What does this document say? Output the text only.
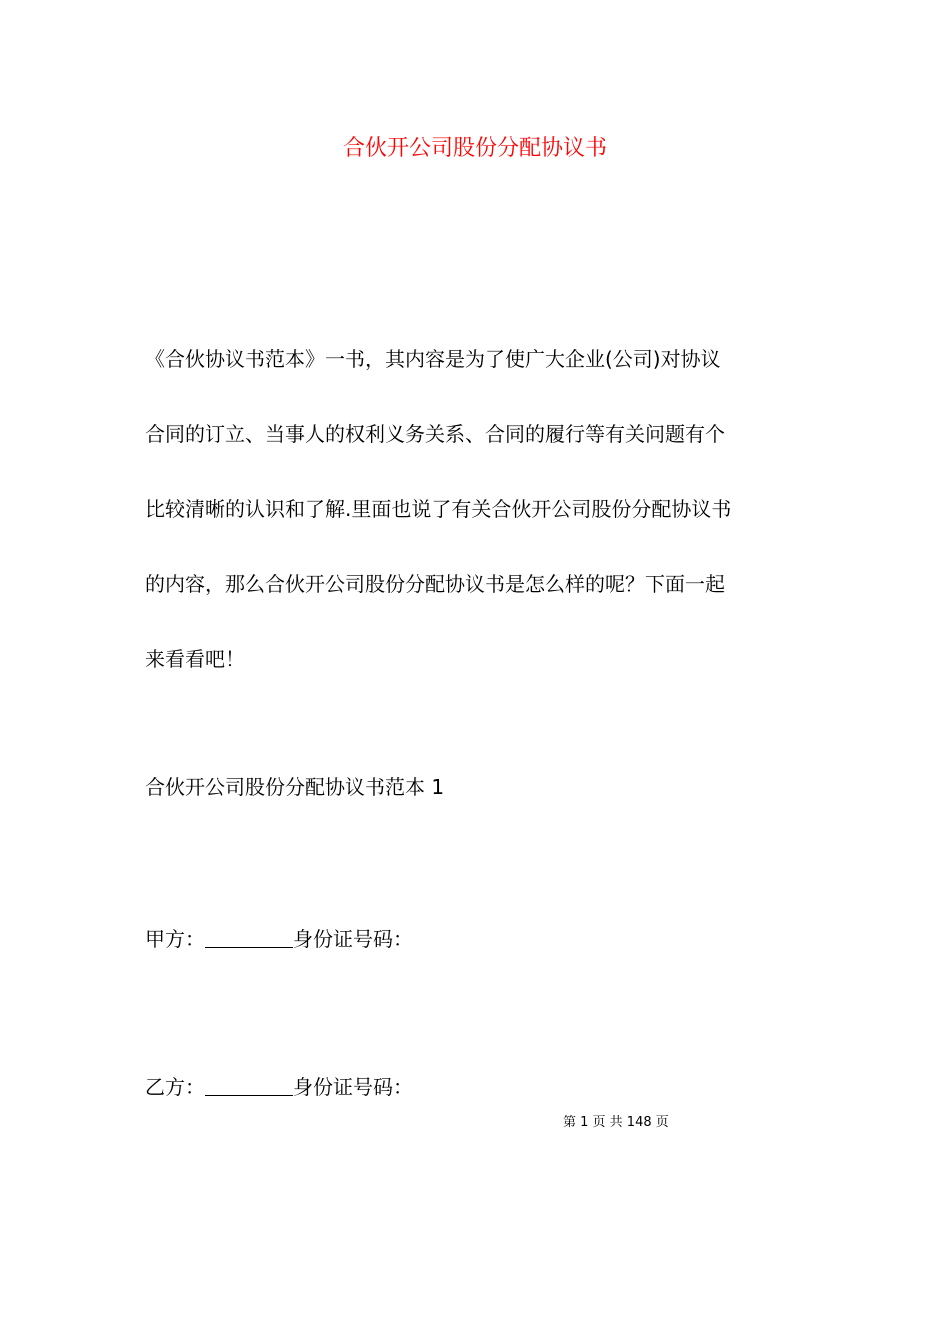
合伙开公司股份分配协议书

《合伙协议书范本》一书，其内容是为了使广大企业(公司)对协议
合同的订立、当事人的权利义务关系、合同的履行等有关问题有个
比较清晰的认识和了解.里面也说了有关合伙开公司股份分配协议书
的内容，那么合伙开公司股份分配协议书是怎么样的呢？下面一起
来看看吧！

合伙开公司股份分配协议书范本 1
甲方：	身份证号码：
乙方：	身份证号码：
第 1 页 共 148 页
